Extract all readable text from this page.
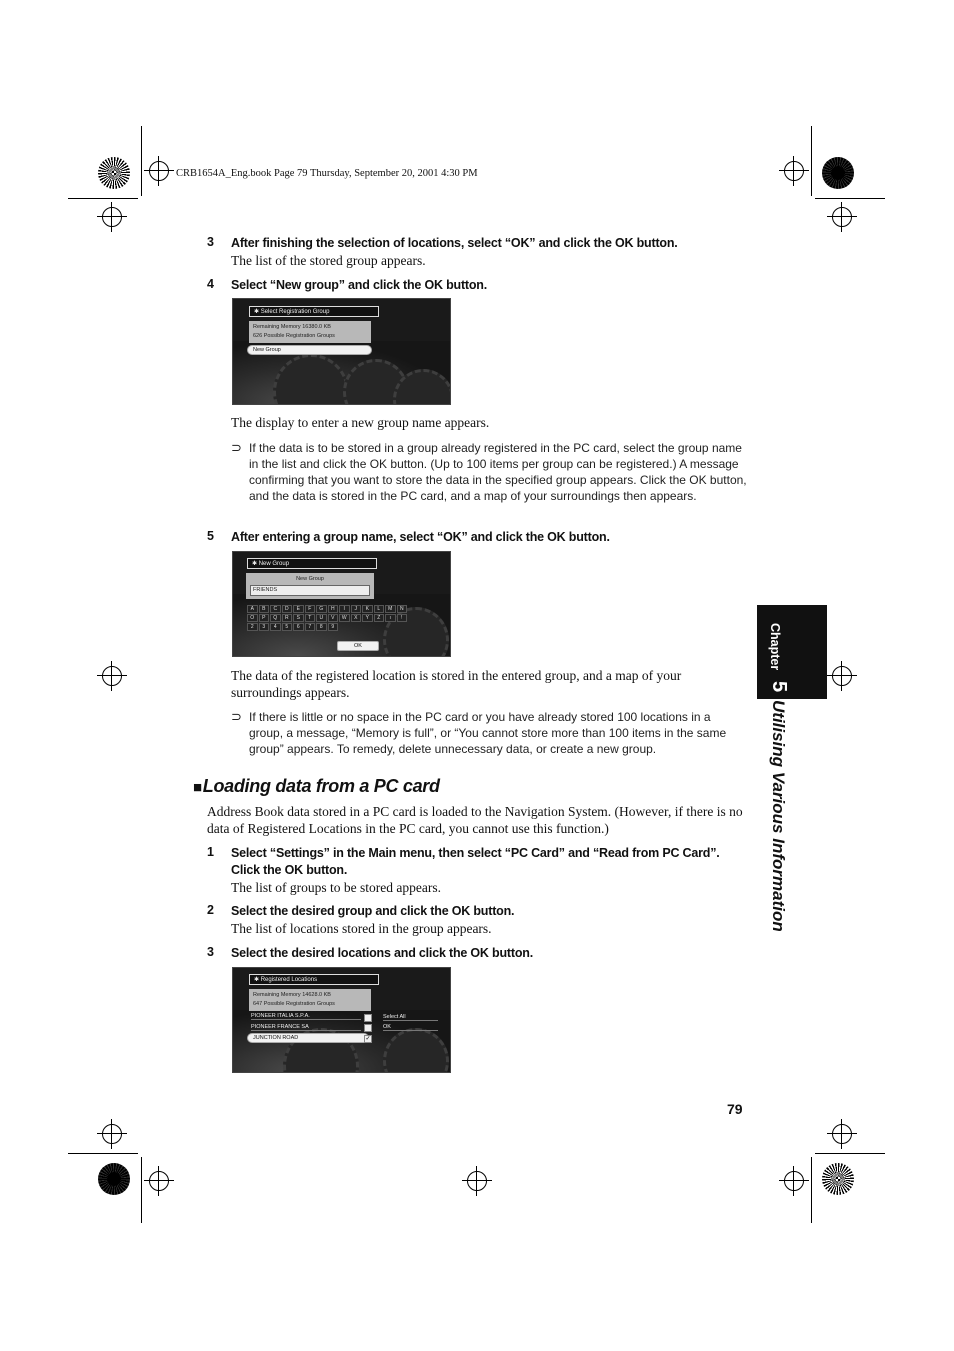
CRB1654A_Eng.book Page 79 Thursday, September 20, 2001 4:30 PM
3 After finishing the selection of locations, select “OK” and click the OK button.
The list of the stored group appears.
4 Select “New group” and click the OK button.
✱ Select Registration Group
Remaining Memory 16380.0 KB
626 Possible Registration Groups
New Group
The display to enter a new group name appears.
⊃ If the data is to be stored in a group already registered in the PC card, select the group name in the list and click the OK button. (Up to 100 items per group can be registered.) A message confirming that you want to store the data in the specified group appears. Click the OK button, and the data is stored in the PC card, and a map of your surroundings then appears.
5 After entering a group name, select “OK” and click the OK button.
✱ New Group
New Group
FRIENDS
A B C D E F G H I J K L M N
O P Q R S T U V W X Y Z ı !
2 3 4 5 6 7 8 9
OK
The data of the registered location is stored in the entered group, and a map of your surroundings appears.
⊃ If there is little or no space in the PC card or you have already stored 100 locations in a group, a message, “Memory is full”, or “You cannot store more than 100 items in the same group” appears. To remedy, delete unnecessary data, or create a new group.
■Loading data from a PC card
Address Book data stored in a PC card is loaded to the Navigation System. (However, if there is no data of Registered Locations in the PC card, you cannot use this function.)
1 Select “Settings” in the Main menu, then select “PC Card” and “Read from PC Card”. Click the OK button.
The list of groups to be stored appears.
2 Select the desired group and click the OK button.
The list of locations stored in the group appears.
3 Select the desired locations and click the OK button.
✱ Registered Locations
Remaining Memory 14628.0 KB
647 Possible Registration Groups
PIONEER ITALIA S.P.A.
PIONEER FRANCE SA
JUNCTION ROAD	✓
Select All
OK
Chapter
5
Utilising Various Information
79
